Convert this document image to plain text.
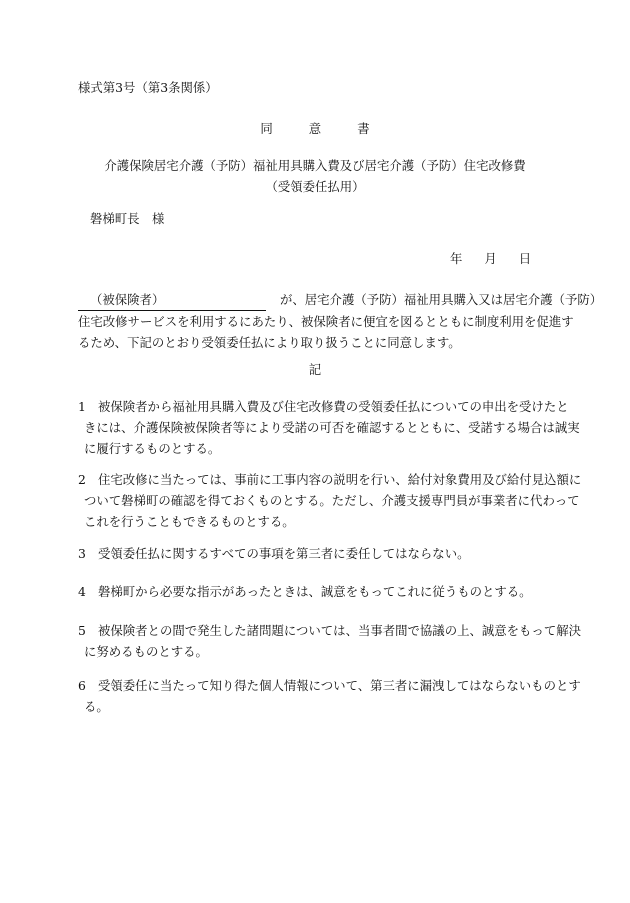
様式第3号（第3条関係）
同	意	書
介護保険居宅介護（予防）福祉用具購入費及び居宅介護（予防）住宅改修費
（受領委任払用）
磐梯町長　様
年 月 日
（被保険者）	が、居宅介護（予防）福祉用具購入又は居宅介護（予防）
住宅改修サービスを利用するにあたり、被保険者に便宜を図るとともに制度利用を促進す
るため、下記のとおり受領委任払により取り扱うことに同意します。
記
1 被保険者から福祉用具購入費及び住宅改修費の受領委任払についての申出を受けたと
きには、介護保険被保険者等により受諾の可否を確認するとともに、受諾する場合は誠実
に履行するものとする。
2 住宅改修に当たっては、事前に工事内容の説明を行い、給付対象費用及び給付見込額に
ついて磐梯町の確認を得ておくものとする。ただし、介護支援専門員が事業者に代わって
これを行うこともできるものとする。
3 受領委任払に関するすべての事項を第三者に委任してはならない。
4 磐梯町から必要な指示があったときは、誠意をもってこれに従うものとする。
5 被保険者との間で発生した諸問題については、当事者間で協議の上、誠意をもって解決
に努めるものとする。
6 受領委任に当たって知り得た個人情報について、第三者に漏洩してはならないものとす
る。
